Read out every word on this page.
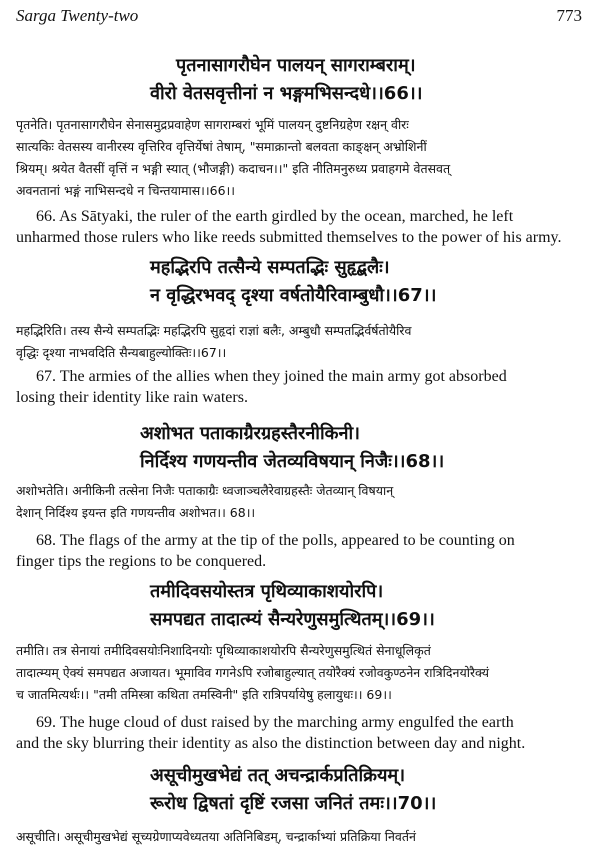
Sarga Twenty-two	773
पृतनासागरौघेन पालयन् सागराम्बराम्।
वीरो वेतसवृत्तीनां न भङ्गमभिसन्दधे।।66।।
पृतनेति। पृतनासागरौघेन सेनासमुद्रप्रवाहेण सागराम्बरां भूमिं पालयन् दुष्टनिग्रहेण रक्षन् वीरः
सात्यकिः वेतसस्य वानीरस्य वृत्तिरिव वृत्तिर्येषां तेषाम्, "समाक्रान्तो बलवता काङ्क्षन् अभ्रोशिनीं
श्रियम्। श्रयेत वैतसीं वृत्तिं न भङ्गी स्यात् (भौजङ्गी) कदाचन।।" इति नीतिमनुरुध्य प्रवाहगमे वेतसवत्
अवनतानां भङ्गं नाभिसन्दधे न चिन्तयामास।।66।।
66. As Sātyaki, the ruler of the earth girdled by the ocean, marched, he left
unharmed those rulers who like reeds submitted themselves to the power of his army.
महद्भिरपि तत्सैन्ये सम्पतद्भिः सुहृद्बलैः।
न वृद्धिरभवद् दृश्या वर्षतोयैरिवाम्बुधौ।।67।।
महद्भिरिति। तस्य सैन्ये सम्पतद्भिः महद्भिरपि सुहृदां राज्ञां बलैः, अम्बुधौ सम्पतद्भिर्वर्षतोयैरिव
वृद्धिः दृश्या नाभवदिति सैन्यबाहुल्योक्तिः।।67।।
67. The armies of the allies when they joined the main army got absorbed
losing their identity like rain waters.
अशोभत पताकाग्रैरग्रहस्तैरनीकिनी।
निर्दिश्य गणयन्तीव जेतव्यविषयान् निजैः।।68।।
अशोभतेति। अनीकिनी तत्सेना निजैः पताकाग्रैः ध्वजाञ्चलैरेवाग्रहस्तैः जेतव्यान् विषयान्
देशान् निर्दिश्य इयन्त इति गणयन्तीव अशोभत।। 68।।
68. The flags of the army at the tip of the polls, appeared to be counting on
finger tips the regions to be conquered.
तमीदिवसयोस्तत्र पृथिव्याकाशयोरपि।
समपद्यत तादात्म्यं सैन्यरेणुसमुत्थितम्।।69।।
तमीति। तत्र सेनायां तमीदिवसयोःनिशादिनयोः पृथिव्याकाशयोरपि सैन्यरेणुसमुत्थितं सेनाधूलिकृतं
तादात्म्यम् ऐक्यं समपद्यत अजायत। भूमाविव गगनेऽपि रजोबाहुल्यात् तयोरैक्यं रजोवकुण्ठनेन रात्रिदिनयोरैक्यं
च जातमित्यर्थः।। "तमी तमिस्त्रा कथिता तमस्विनी" इति रात्रिपर्यायेषु हलायुधः।। 69।।
69. The huge cloud of dust raised by the marching army engulfed the earth
and the sky blurring their identity as also the distinction between day and night.
असूचीमुखभेद्यं तत् अचन्द्रार्कप्रतिक्रियम्।
रूरोध द्विषतां दृष्टिं रजसा जनितं तमः।।70।।
असूचीति। असूचीमुखभेद्यं सूच्यग्रेणाप्यवेध्यतया अतिनिबिडम्, चन्द्रार्काभ्यां प्रतिक्रिया निवर्तनं
